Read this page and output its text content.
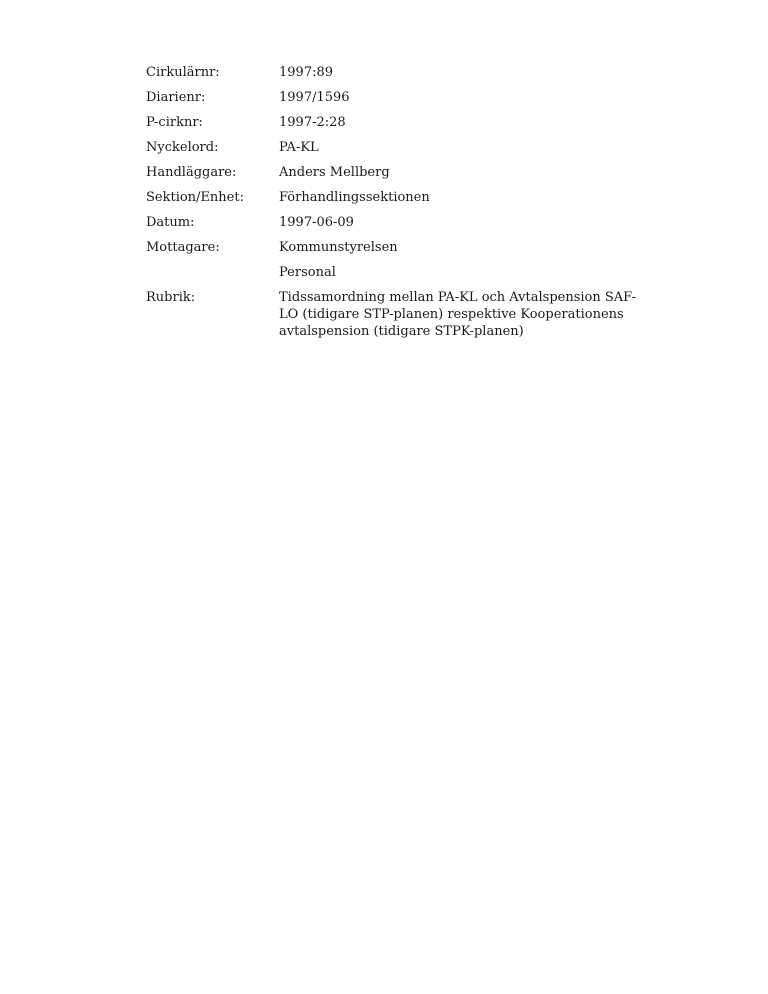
Cirkulärnr:	1997:89
Diarienr:	1997/1596
P-cirknr:	1997-2:28
Nyckelord:	PA-KL
Handläggare:	Anders Mellberg
Sektion/Enhet:	Förhandlingssektionen
Datum:	1997-06-09
Mottagare:	Kommunstyrelsen
Personal
Rubrik:	Tidssamordning mellan PA-KL och Avtalspension SAF-
LO (tidigare STP-planen) respektive Kooperationens
avtalspension (tidigare STPK-planen)
